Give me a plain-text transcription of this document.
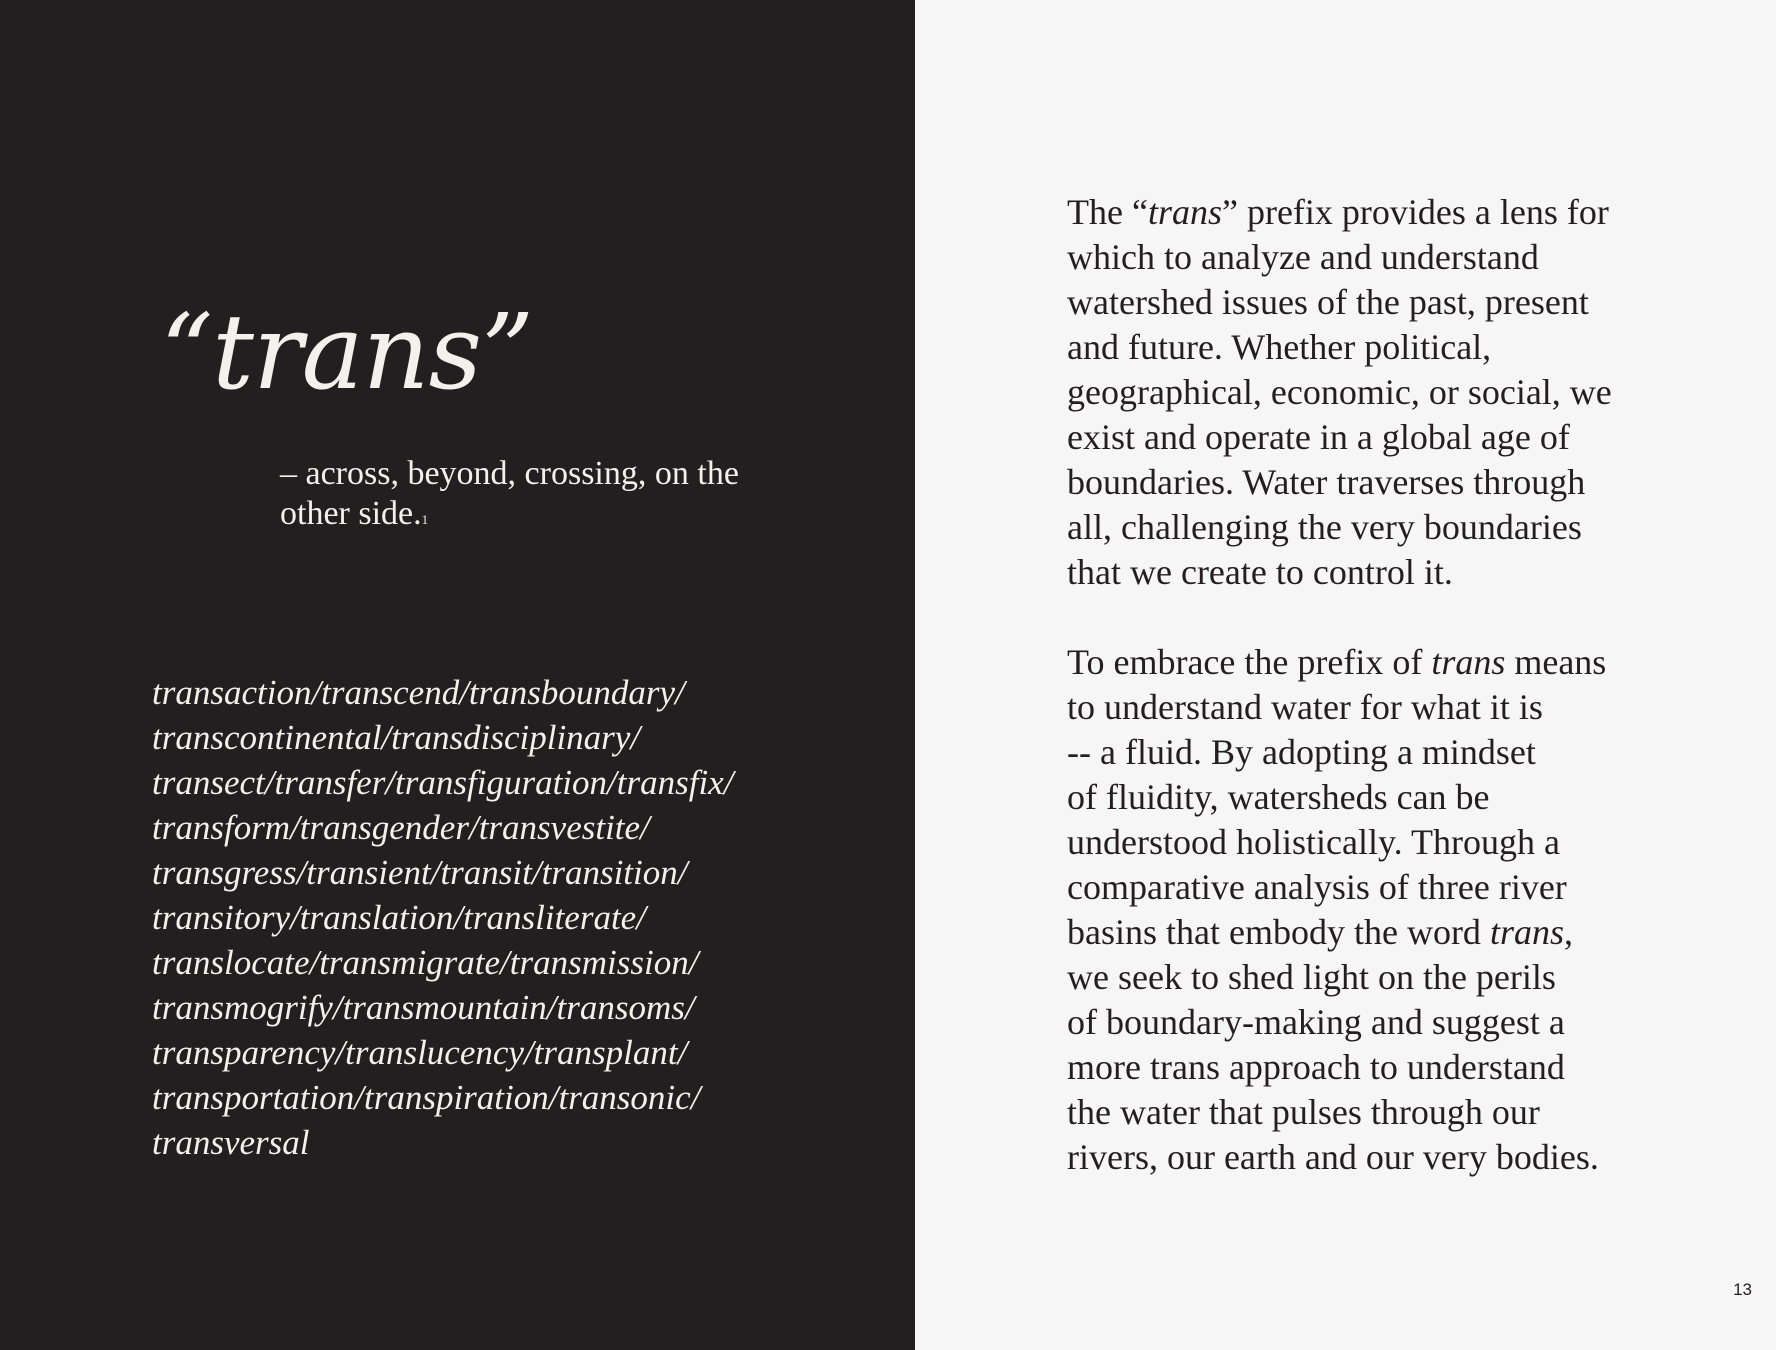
“trans”
– across, beyond, crossing, on the
other side.$^1$
transaction/transcend/transboundary/
transcontinental/transdisciplinary/
transect/transfer/transfiguration/transfix/
transform/transgender/transvestite/
transgress/transient/transit/transition/
transitory/translation/transliterate/
translocate/transmigrate/transmission/
transmogrify/transmountain/transoms/
transparency/translucency/transplant/
transportation/transpiration/transonic/
transversal
The “trans” prefix provides a lens for
which to analyze and understand
watershed issues of the past, present
and future. Whether political,
geographical, economic, or social, we
exist and operate in a global age of
boundaries. Water traverses through
all, challenging the very boundaries
that we create to control it.
To embrace the prefix of trans means
to understand water for what it is
-- a fluid. By adopting a mindset
of fluidity, watersheds can be
understood holistically. Through a
comparative analysis of three river
basins that embody the word trans,
we seek to shed light on the perils
of boundary-making and suggest a
more trans approach to understand
the water that pulses through our
rivers, our earth and our very bodies.
13
